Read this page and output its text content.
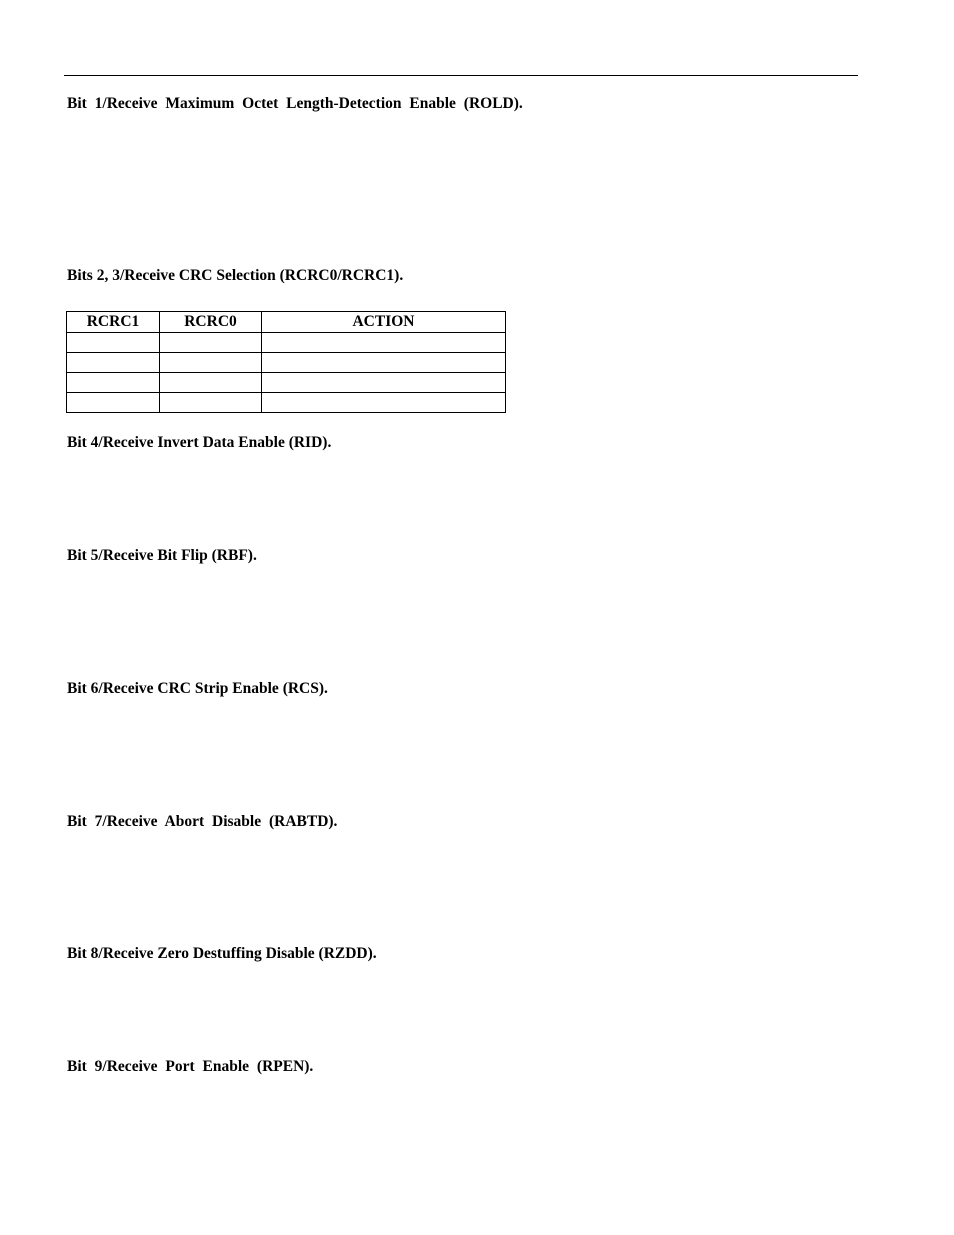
Bit 1/Receive Maximum Octet Length-Detection Enable (ROLD).
Bits 2, 3/Receive CRC Selection (RCRC0/RCRC1).
RCRC1	RCRC0	ACTION

Bit 4/Receive Invert Data Enable (RID).
Bit 5/Receive Bit Flip (RBF).
Bit 6/Receive CRC Strip Enable (RCS).
Bit 7/Receive Abort Disable (RABTD).
Bit 8/Receive Zero Destuffing Disable (RZDD).
Bit 9/Receive Port Enable (RPEN).
